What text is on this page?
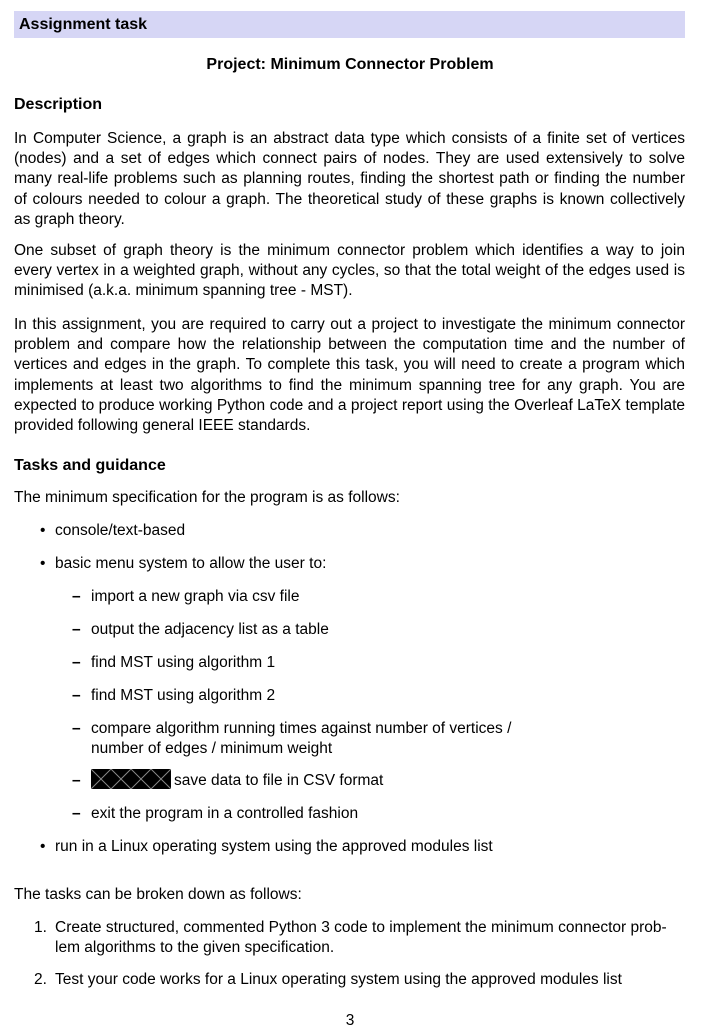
Assignment task
Project: Minimum Connector Problem
Description

In Computer Science, a graph is an abstract data type which consists of a finite set of vertices (nodes) and a set of edges which connect pairs of nodes. They are used extensively to solve many real-life problems such as planning routes, finding the shortest path or finding the number of colours needed to colour a graph. The theoretical study of these graphs is known collectively as graph theory.

One subset of graph theory is the minimum connector problem which identifies a way to join every vertex in a weighted graph, without any cycles, so that the total weight of the edges used is minimised (a.k.a. minimum spanning tree - MST).

In this assignment, you are required to carry out a project to investigate the minimum connector problem and compare how the relationship between the computation time and the number of vertices and edges in the graph. To complete this task, you will need to create a program which implements at least two algorithms to find the minimum spanning tree for any graph. You are expected to produce working Python code and a project report using the Overleaf LaTeX template provided following general IEEE standards.

Tasks and guidance
The minimum specification for the program is as follows:
• console/text-based
• basic menu system to allow the user to:
– import a new graph via csv file
– output the adjacency list as a table
– find MST using algorithm 1
– find MST using algorithm 2
– compare algorithm running times against number of vertices /
number of edges / minimum weight
–	save data to file in CSV format
– exit the program in a controlled fashion
• run in a Linux operating system using the approved modules list
The tasks can be broken down as follows:
1. Create structured, commented Python 3 code to implement the minimum connector prob-
lem algorithms to the given specification.
2. Test your code works for a Linux operating system using the approved modules list
3
